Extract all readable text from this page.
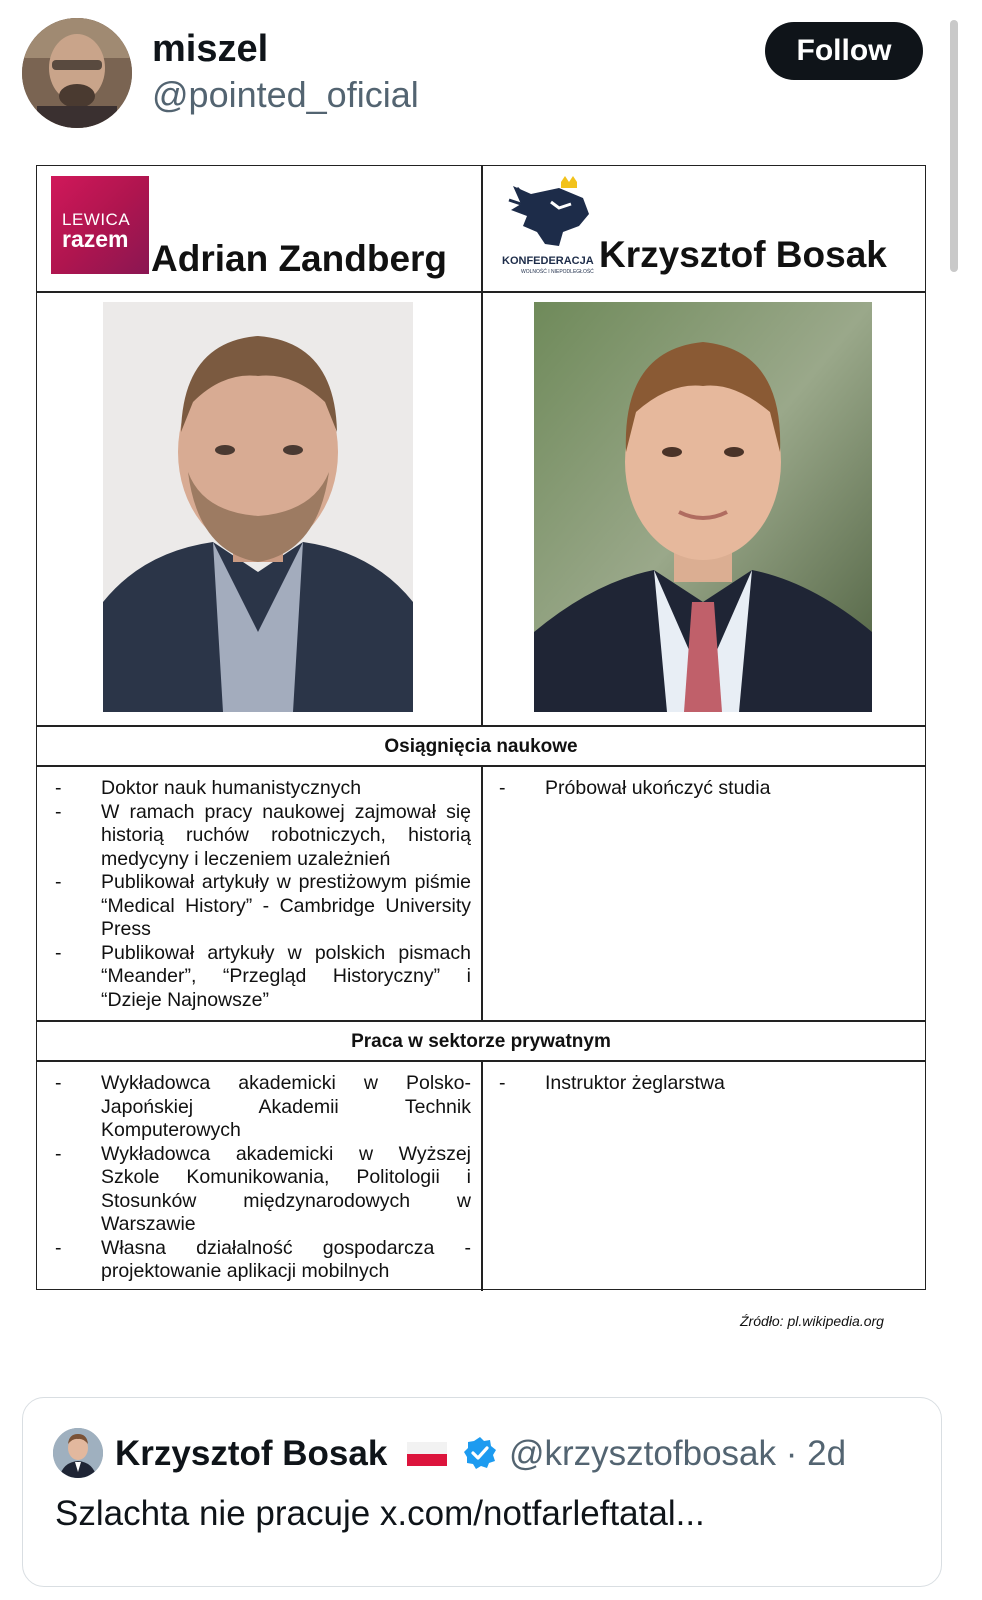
miszel
@pointed_oficial
Follow
LEWICA
razem Adrian Zandberg	KONFEDERACJA
WOLNOŚĆ I NIEPODLEGŁOŚĆ Krzysztof Bosak
Osiągnięcia naukowe

- Doktor nauk humanistycznych

- W ramach pracy naukowej zajmował się historią ruchów robotniczych, historią medycyny i leczeniem uzależnień

- Publikował artykuły w prestiżowym piśmie “Medical History” - Cambridge University Press

- Publikował artykuły w polskich pismach “Meander”, “Przegląd Historyczny” i “Dzieje Najnowsze”

- Próbował ukończyć studia

Praca w sektorze prywatnym

- Wykładowca akademicki w Polsko-Japońskiej Akademii Technik Komputerowych

- Wykładowca akademicki w Wyższej Szkole Komunikowania, Politologii i Stosunków międzynarodowych w Warszawie

- Własna działalność gospodarcza - projektowanie aplikacji mobilnych

- Instruktor żeglarstwa

Źródło: pl.wikipedia.org
Krzysztof Bosak	@krzysztofbosak · 2d
Szlachta nie pracuje x.com/notfarleftatal...
